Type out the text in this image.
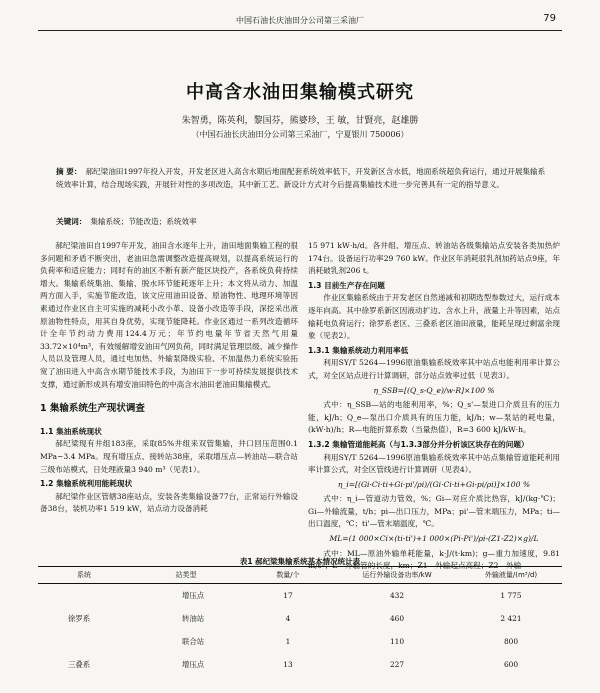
中国石油长庆油田分公司第三采油厂	79
中高含水油田集输模式研究
朱智勇，陈英利，黎国芬，熊婆珍，王 敏，甘賢亮，赵雄勝
（中国石油长庆油田分公司第三采油厂，宁夏银川 750006）
摘 要： 郝纪梁油田1997年投入开发，开发老区进入高含水期后地面配套系统效率低下，开发新区含水低，地面系统超负荷运行，通过开展集输系统效率计算，结合现场实践，开展针对性的多项改造，其中新工艺、新设计方式对今后提高集输技术进一步完善具有一定的指导意义。
关键词： 集输系统；节能改造；系统效率

郝纪梁油田自1997年开发，油田含水逐年上升，油田地面集输工程的很多问题和矛盾不断突出，老油田急需调整改造提高规划，以提高系统运行的负荷率和适应能力；同时有的油区不断有新产能区块投产，各系统负荷持续增大。集输系统集油、集输、脱水环节能耗逐年上升；本文将从动力、加温两方面入手，实施节能改造，该文应用油田设备、原油物性、地理环境等因素通过作业区自主可实施的减耗小改小革、设备小改造等手段，深挖采出液原油物性特点，用其自身优势，实现节能降耗。作业区通过一系列改造循环计全年节约动力费用124.4万元；年节约电量年节省天然气用量33.72×10⁴m³，有效缓解增安油田气网负荷，同时满足管理层级、减少操作人员以及管理人员，通过电加热、外输泵降级实验、不加温热力系统实验拓宽了油田进入中高含水期节能技术手段，为油田下一步可持续发展提供技术支撑，通过新形成具有增安油田特色的中高含水油田老油田集输模式。

1 集输系统生产现状调查
1.1 集油系统现状

郝纪梁现有井组183座，采取85%井组来双管集输，井口回压范围0.1 MPa~3.4 MPa。现有增压点、接转站38座，采取增压点—转油站—联合站三级布站模式，日处理液量3 940 m³（见表1）。

1.2 集输系统利用能耗现状

郝纪梁作业区管辖38座站点，安装各类集输设备77台，正常运行外输设备38台，装机功率1 519 kW，站点动力设备消耗

15 971 kW·h/d。各井组、增压点、转油站各级集输站点安装各类加热炉174台。设备运行功率29 760 kW。作业区年消耗驳乳剂加药站点9座，年消耗破乳剂206 t。

1.3 目前生产存在问题

作业区集输系统由于开发老区自然递减和初期选型参数过大，运行成本逐年向高。其中徐罗系新区因液动扩边、含水上升，液量上升等因素，站点输耗电负荷运行；徐罗系老区、三叠系老区油田液量，能耗呈现过剩富余现象（见表2）。

1.3.1 集输系统动力利用率低

利用SY/T 5264—1996原油集输系统效率其中站点电能利用率计算公式，对全区站点进行计算调研，部分站点效率过低（见表3）。

η_SSB=[(Q_s-Q_e)/w·R]×100 %

式中：η_SSB—站的电能利用率，%；Q_s'—泵进口介质且有的压力能，kJ/h；Q_e—泵出口介质具有的压力能，kJ/h；w—泵站的耗电量，(kW·h)/h；R—电能折算系数（当量热值），R=3 600 kJ/kW·h。

1.3.2 集输管道能耗高（与1.3.3部分并分析该区块存在的问题）

利用SY/T 5264—1996原油集输系统效率其中站点集输管道能耗利用率计算公式，对全区管线进行计算调研（见表4）。

η_i=[(Gi·Ci·ti+Gi·pi'/ρi)/(Gi·Ci·ti+Gi·pi/ρi)]×100 %

式中：η_i—管道动力管效，%；Gi—对应介质比热容，kJ/(kg·℃)；Gi—外输流量，t/h；pi—出口压力，MPa；pi'—管末端压力，MPa；ti—出口温度，℃；ti'—管末端温度，℃。

ML=(1 000×Ci×(ti-ti')+1 000×(Pi-Pi')/ρi-(Z1-Z2)×g)/L

式中：ML—原油外输单耗能量，k·J/(t·km)；g—重力加速度，9.81 m/s²；L—外输管的长度，km；Z1—外输起点高程；Z2—外输

表1 郝纪梁集输系统基本情况统计表
系统	站类型	数量/个	运行外输设备功率/kW	外输液量/(m³/d)
	增压点	17	432	1 775
徐罗系	转油站	4	460	2 421
	联合站	1	110	800
三叠系	增压点	13	227	600
